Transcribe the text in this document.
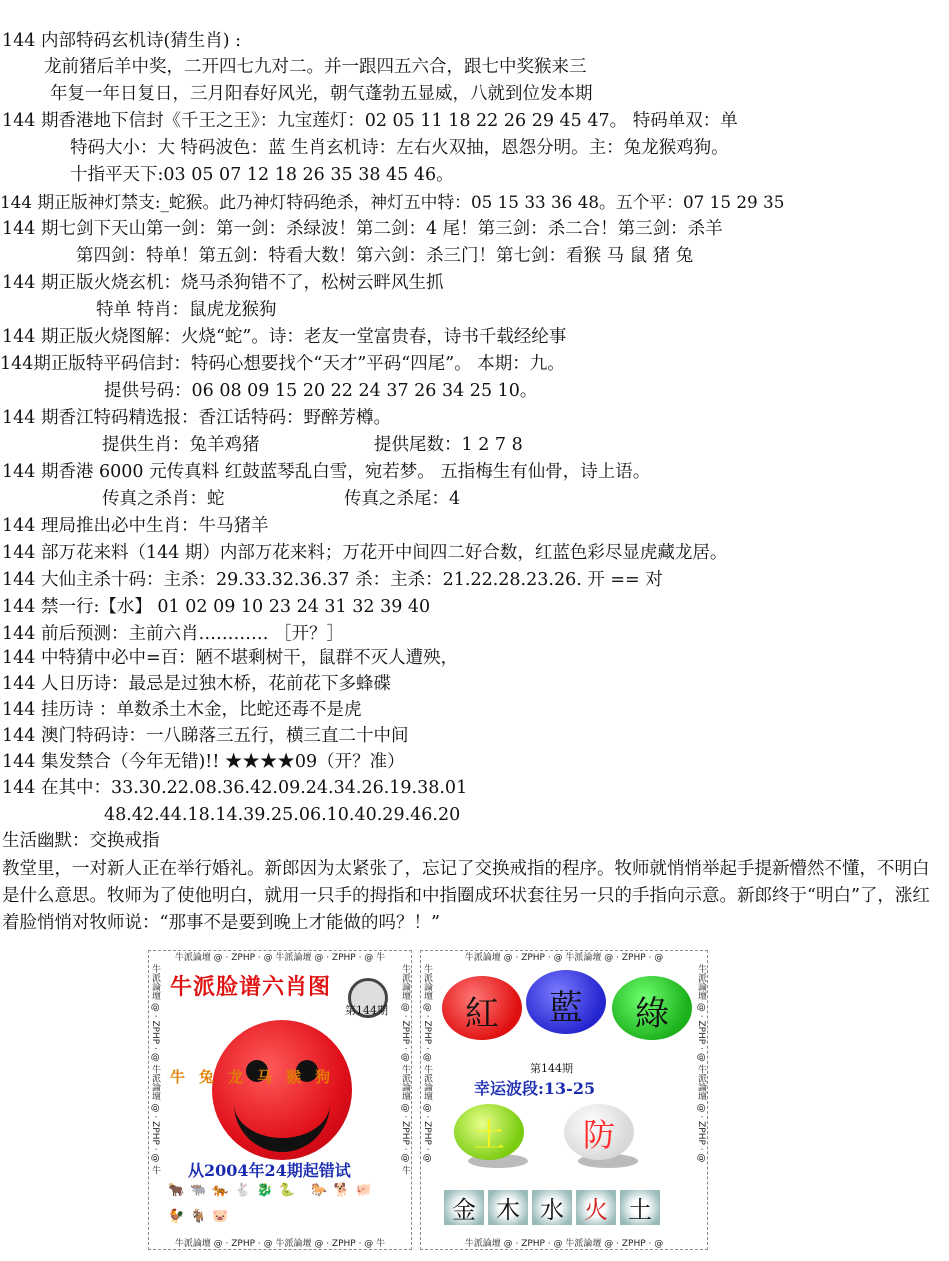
144 内部特码玄机诗(猜生肖) :
龙前猪后羊中奖，二开四七九对二。并一跟四五六合，跟七中奖猴来三
年复一年日复日，三月阳春好风光，朝气蓬勃五显威，八就到位发本期
144 期香港地下信封《千王之王》：九宝莲灯：02 05 11 18 22 26 29 45 47。 特码单双：单
特码大小：大 特码波色：蓝 生肖玄机诗：左右火双抽，恩怨分明。主：兔龙猴鸡狗。
十指平天下:03 05 07 12 18 26 35 38 45 46。
144 期正版神灯禁支:_蛇猴。此乃神灯特码绝杀，神灯五中特：05 15 33 36 48。五个平：07 15 29 35
144 期七剑下天山第一剑：第一剑：杀绿波！第二剑：4 尾！第三剑：杀二合！第三剑：杀羊
第四剑：特单！第五剑：特看大数！第六剑：杀三门！第七剑：看猴 马 鼠 猪 兔
144 期正版火烧玄机：烧马杀狗错不了，松树云畔风生抓
特单 特肖：鼠虎龙猴狗
144 期正版火烧图解：火烧“蛇”。诗：老友一堂富贵春，诗书千载经纶事
144期正版特平码信封：特码心想要找个“天才”平码“四尾”。 本期：九。
提供号码：06 08 09 15 20 22 24 37 26 34 25 10。
144 期香江特码精选报：香江话特码：野醉芳樽。
提供生肖：兔羊鸡猪	提供尾数：1 2 7 8
144 期香港 6000 元传真料 红鼓蓝琴乱白雪，宛若梦。 五指梅生有仙骨，诗上语。
传真之杀肖：蛇	传真之杀尾：4
144 理局推出必中生肖：牛马猪羊
144 部万花来料（144 期）内部万花来料；万花开中间四二好合数，红蓝色彩尽显虎藏龙居。
144 大仙主杀十码：主杀：29.33.32.36.37 杀：主杀：21.22.28.23.26. 开 == 对
144 禁一行:【水】 01 02 09 10 23 24 31 32 39 40
144 前后预测：主前六肖………… ［开？］
144 中特猜中必中=百：陋不堪剩树干，鼠群不灭人遭殃，
144 人日历诗：最忌是过独木桥，花前花下多蜂碟
144 挂历诗 ：单数杀土木金，比蛇还毒不是虎
144 澳门特码诗：一八睇落三五行，横三直二十中间
144 集发禁合（今年无错)!! ★★★★09（开？准）
144 在其中：33.30.22.08.36.42.09.24.34.26.19.38.01
48.42.44.18.14.39.25.06.10.40.29.46.20
生活幽默：交换戒指

教堂里，一对新人正在举行婚礼。新郎因为太紧张了，忘记了交换戒指的程序。牧师就悄悄举起手提新懵然不懂，不明白是什么意思。牧师为了使他明白，就用一只手的拇指和中指圈成环状套往另一只的手指向示意。新郎终于“明白”了，涨红着脸悄悄对牧师说：“那事不是要到晚上才能做的吗？！”

牛派論壇 @ · ZPHP · @ 牛派論壇 @ · ZPHP · @ 牛
牛派論壇 @ · ZPHP · @ 牛派論壇 @ · ZPHP · @ 牛
牛派論壇 @ · ZPHP · @ 牛派論壇 @ · ZPHP · @ 牛	牛派論壇 @ · ZPHP · @ 牛派論壇 @ · ZPHP · @ 牛
牛派脸谱六肖图
第144期
牛兔龙马猴狗
从2004年24期起错试
🐂🐃🐅🐇🐉🐍 🐎🐕🐖🐓🐐🐷
牛派論壇 @ · ZPHP · @ 牛派論壇 @ · ZPHP · @
牛派論壇 @ · ZPHP · @ 牛派論壇 @ · ZPHP · @
牛派論壇 @ · ZPHP · @ 牛派論壇 @ · ZPHP · @	牛派論壇 @ · ZPHP · @ 牛派論壇 @ · ZPHP · @
紅	藍	綠
第144期
幸运波段:13-25
土	防
金 木 水 火 土
